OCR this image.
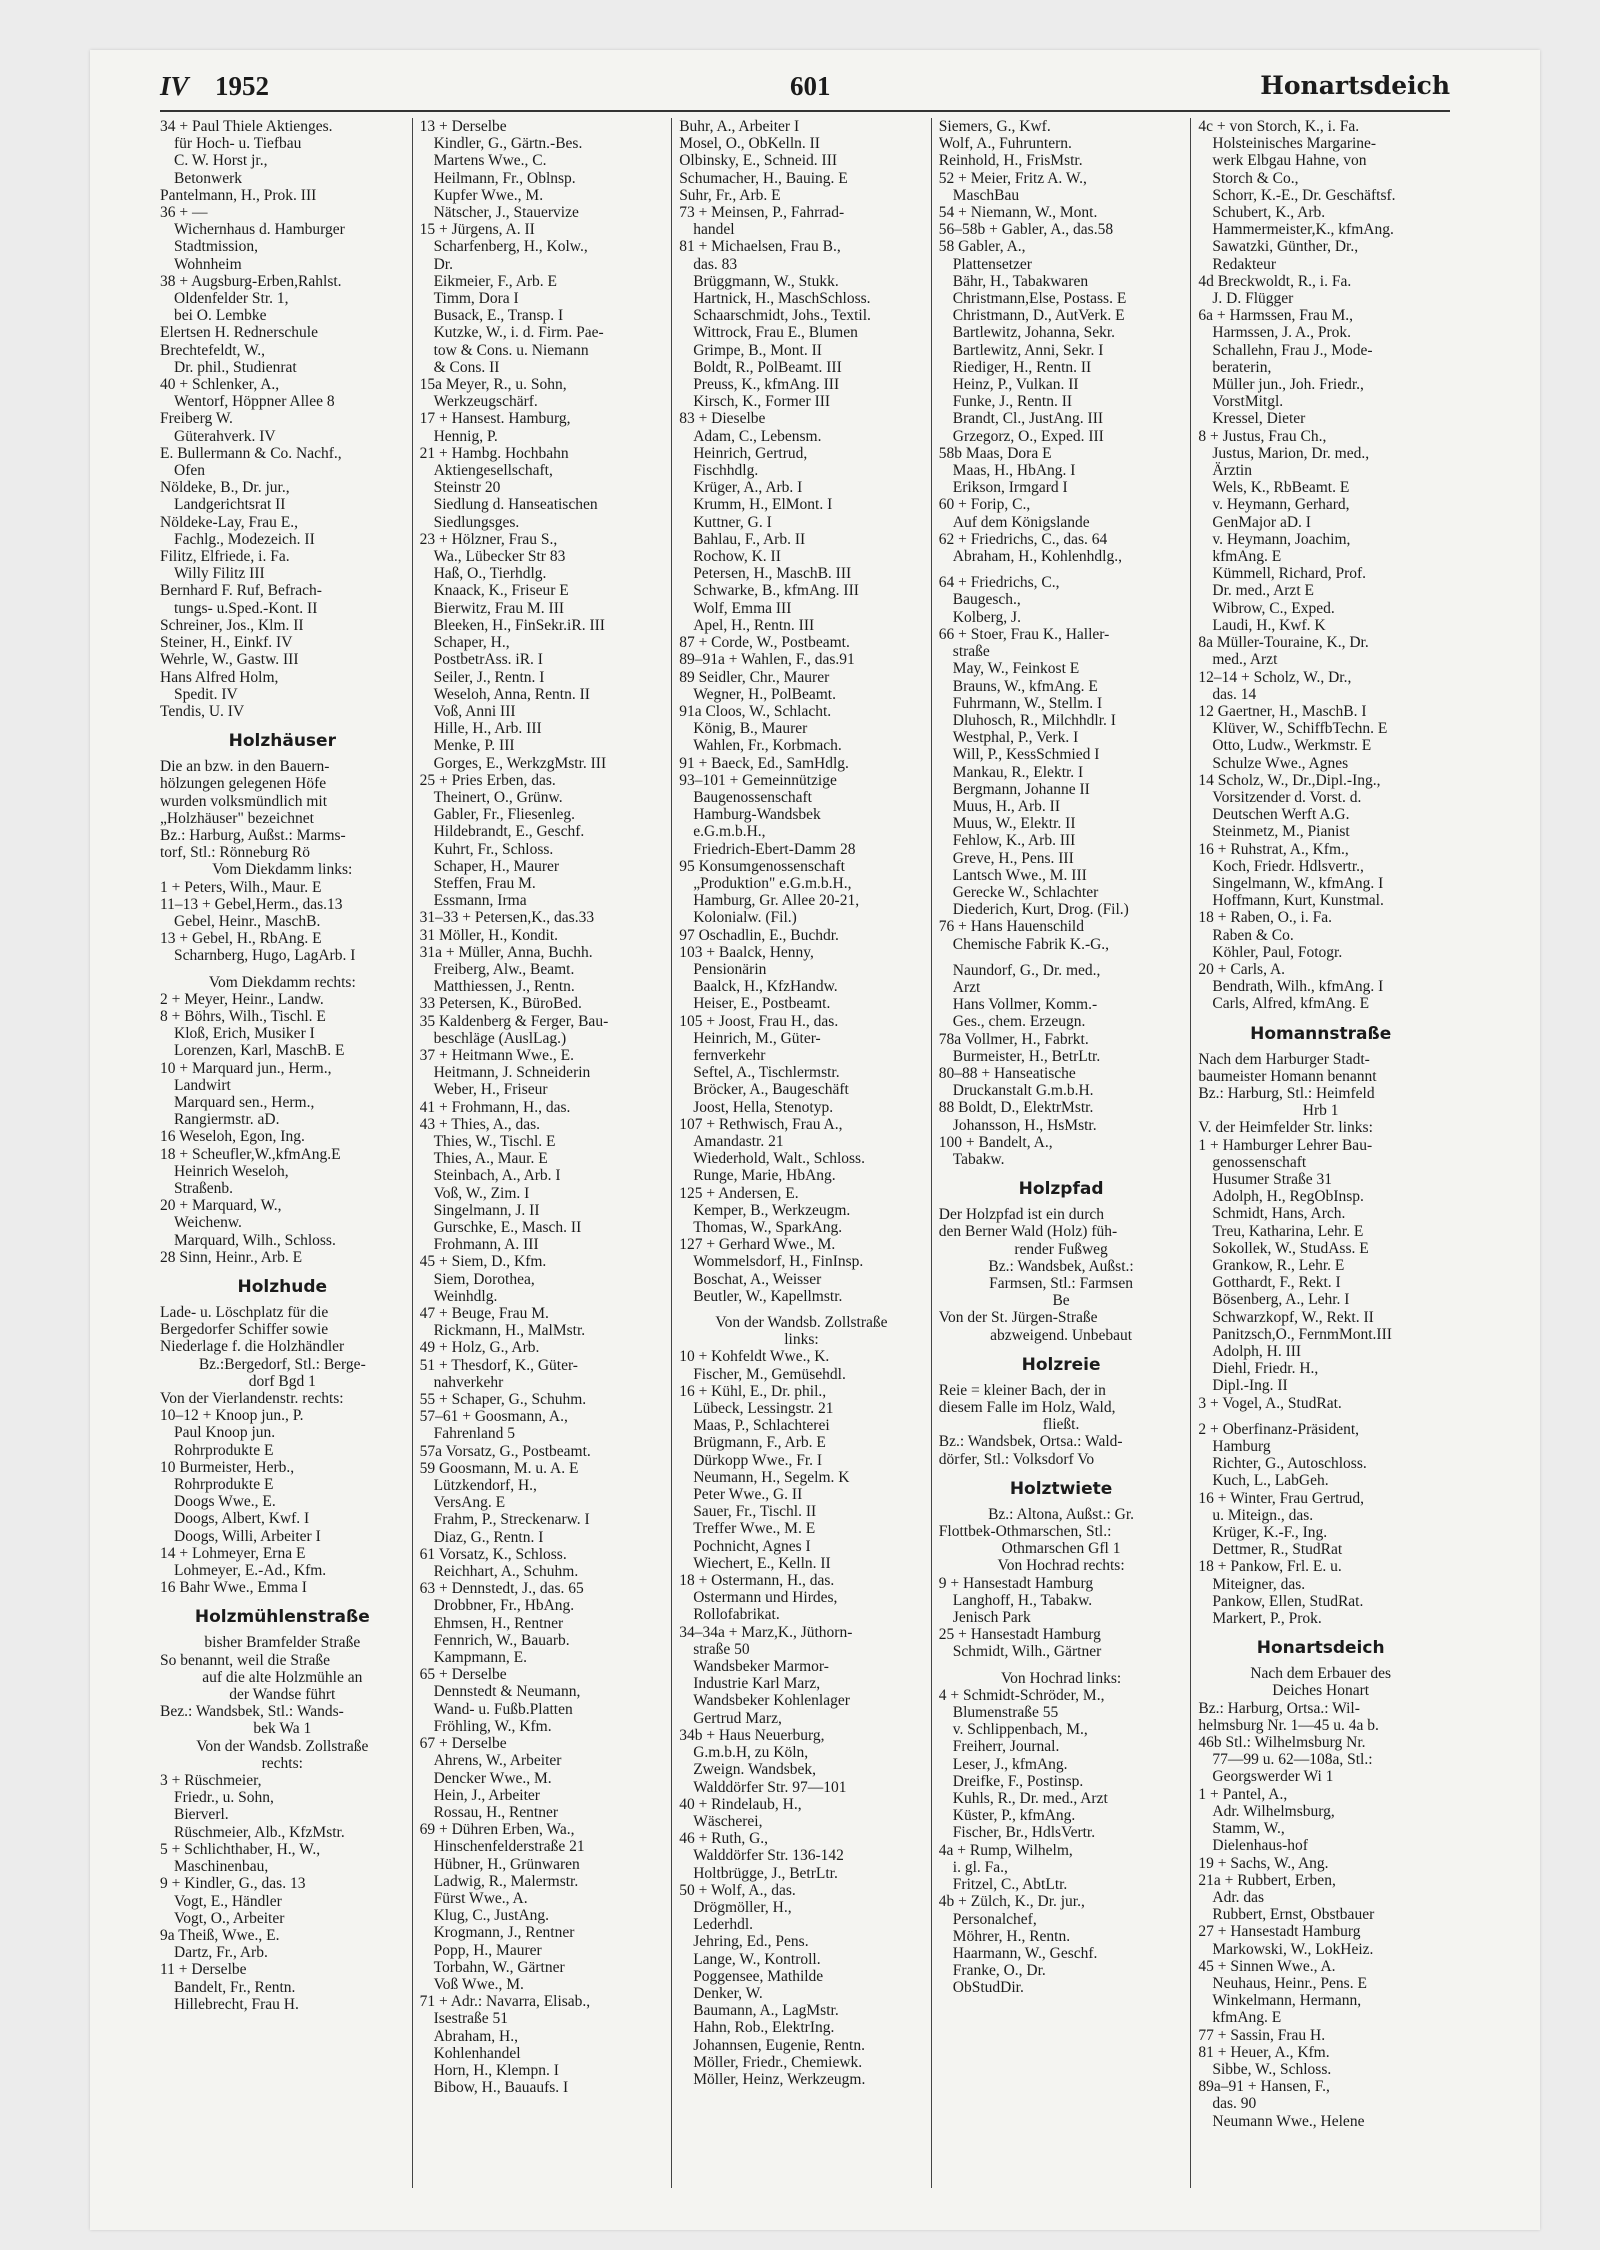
IV 1952	601	Honartsdeich
34 + Paul Thiele Aktienges.
für Hoch- u. Tiefbau
C. W. Horst jr.,
Betonwerk
Pantelmann, H., Prok. III
36 + —
Wichernhaus d. Hamburger
Stadtmission,
Wohnheim
38 + Augsburg-Erben,Rahlst.
Oldenfelder Str. 1,
bei O. Lembke
Elertsen H. Rednerschule
Brechtefeldt, W.,
Dr. phil., Studienrat
40 + Schlenker, A.,
Wentorf, Höppner Allee 8
Freiberg W.
Güterahverk. IV
E. Bullermann & Co. Nachf.,
Ofen
Nöldeke, B., Dr. jur.,
Landgerichtsrat II
Nöldeke-Lay, Frau E.,
Fachlg., Modezeich. II
Filitz, Elfriede, i. Fa.
Willy Filitz III
Bernhard F. Ruf, Befrach-
tungs- u.Sped.-Kont. II
Schreiner, Jos., Klm. II
Steiner, H., Einkf. IV
Wehrle, W., Gastw. III
Hans Alfred Holm,
Spedit. IV
Tendis, U. IV
Holzhäuser
Die an bzw. in den Bauern-
hölzungen gelegenen Höfe
wurden volksmündlich mit
„Holzhäuser" bezeichnet
Bz.: Harburg, Außst.: Marms-
torf, Stl.: Rönneburg Rö
Vom Diekdamm links:
1 + Peters, Wilh., Maur. E
11–13 + Gebel,Herm., das.13
Gebel, Heinr., MaschB.
13 + Gebel, H., RbAng. E
Scharnberg, Hugo, LagArb. I
Vom Diekdamm rechts:
2 + Meyer, Heinr., Landw.
8 + Böhrs, Wilh., Tischl. E
Kloß, Erich, Musiker I
Lorenzen, Karl, MaschB. E
10 + Marquard jun., Herm.,
Landwirt
Marquard sen., Herm.,
Rangiermstr. aD.
16 Weseloh, Egon, Ing.
18 + Scheufler,W.,kfmAng.E
Heinrich Weseloh,
Straßenb.
20 + Marquard, W.,
Weichenw.
Marquard, Wilh., Schloss.
28 Sinn, Heinr., Arb. E
Holzhude
Lade- u. Löschplatz für die
Bergedorfer Schiffer sowie
Niederlage f. die Holzhändler
Bz.:Bergedorf, Stl.: Berge-
dorf Bgd 1
Von der Vierlandenstr. rechts:
10–12 + Knoop jun., P.
Paul Knoop jun.
Rohrprodukte E
10 Burmeister, Herb.,
Rohrprodukte E
Doogs Wwe., E.
Doogs, Albert, Kwf. I
Doogs, Willi, Arbeiter I
14 + Lohmeyer, Erna E
Lohmeyer, E.-Ad., Kfm.
16 Bahr Wwe., Emma I
Holzmühlenstraße
bisher Bramfelder Straße
So benannt, weil die Straße
auf die alte Holzmühle an
der Wandse führt
Bez.: Wandsbek, Stl.: Wands-
bek Wa 1
Von der Wandsb. Zollstraße
rechts:
3 + Rüschmeier,
Friedr., u. Sohn,
Bierverl.
Rüschmeier, Alb., KfzMstr.
5 + Schlichthaber, H., W.,
Maschinenbau,
9 + Kindler, G., das. 13
Vogt, E., Händler
Vogt, O., Arbeiter
9a Theiß, Wwe., E.
Dartz, Fr., Arb.
11 + Derselbe
Bandelt, Fr., Rentn.
Hillebrecht, Frau H.
13 + Derselbe
Kindler, G., Gärtn.-Bes.
Martens Wwe., C.
Heilmann, Fr., Oblnsp.
Kupfer Wwe., M.
Nätscher, J., Stauervize
15 + Jürgens, A. II
Scharfenberg, H., Kolw.,
Dr.
Eikmeier, F., Arb. E
Timm, Dora I
Busack, E., Transp. I
Kutzke, W., i. d. Firm. Pae-
tow & Cons. u. Niemann
& Cons. II
15a Meyer, R., u. Sohn,
Werkzeugschärf.
17 + Hansest. Hamburg,
Hennig, P.
21 + Hambg. Hochbahn
Aktiengesellschaft,
Steinstr 20
Siedlung d. Hanseatischen
Siedlungsges.
23 + Hölzner, Frau S.,
Wa., Lübecker Str 83
Haß, O., Tierhdlg.
Knaack, K., Friseur E
Bierwitz, Frau M. III
Bleeken, H., FinSekr.iR. III
Schaper, H.,
PostbetrAss. iR. I
Seiler, J., Rentn. I
Weseloh, Anna, Rentn. II
Voß, Anni III
Hille, H., Arb. III
Menke, P. III
Gorges, E., WerkzgMstr. III
25 + Pries Erben, das.
Theinert, O., Grünw.
Gabler, Fr., Fliesenleg.
Hildebrandt, E., Geschf.
Kuhrt, Fr., Schloss.
Schaper, H., Maurer
Steffen, Frau M.
Essmann, Irma
31–33 + Petersen,K., das.33
31 Möller, H., Kondit.
31a + Müller, Anna, Buchh.
Freiberg, Alw., Beamt.
Matthiessen, J., Rentn.
33 Petersen, K., BüroBed.
35 Kaldenberg & Ferger, Bau-
beschläge (AuslLag.)
37 + Heitmann Wwe., E.
Heitmann, J. Schneiderin
Weber, H., Friseur
41 + Frohmann, H., das.
43 + Thies, A., das.
Thies, W., Tischl. E
Thies, A., Maur. E
Steinbach, A., Arb. I
Voß, W., Zim. I
Singelmann, J. II
Gurschke, E., Masch. II
Frohmann, A. III
45 + Siem, D., Kfm.
Siem, Dorothea,
Weinhdlg.
47 + Beuge, Frau M.
Rickmann, H., MalMstr.
49 + Holz, G., Arb.
51 + Thesdorf, K., Güter-
nahverkehr
55 + Schaper, G., Schuhm.
57–61 + Goosmann, A.,
Fahrenland 5
57a Vorsatz, G., Postbeamt.
59 Goosmann, M. u. A. E
Lützkendorf, H.,
VersAng. E
Frahm, P., Streckenarw. I
Diaz, G., Rentn. I
61 Vorsatz, K., Schloss.
Reichhart, A., Schuhm.
63 + Dennstedt, J., das. 65
Drobbner, Fr., HbAng.
Ehmsen, H., Rentner
Fennrich, W., Bauarb.
Kampmann, E.
65 + Derselbe
Dennstedt & Neumann,
Wand- u. Fußb.Platten
Fröhling, W., Kfm.
67 + Derselbe
Ahrens, W., Arbeiter
Dencker Wwe., M.
Hein, J., Arbeiter
Rossau, H., Rentner
69 + Dühren Erben, Wa.,
Hinschenfelderstraße 21
Hübner, H., Grünwaren
Ladwig, R., Malermstr.
Fürst Wwe., A.
Klug, C., JustAng.
Krogmann, J., Rentner
Popp, H., Maurer
Torbahn, W., Gärtner
Voß Wwe., M.
71 + Adr.: Navarra, Elisab.,
Isestraße 51
Abraham, H.,
Kohlenhandel
Horn, H., Klempn. I
Bibow, H., Bauaufs. I
Buhr, A., Arbeiter I
Mosel, O., ObKelln. II
Olbinsky, E., Schneid. III
Schumacher, H., Bauing. E
Suhr, Fr., Arb. E
73 + Meinsen, P., Fahrrad-
handel
81 + Michaelsen, Frau B.,
das. 83
Brüggmann, W., Stukk.
Hartnick, H., MaschSchloss.
Schaarschmidt, Johs., Textil.
Wittrock, Frau E., Blumen
Grimpe, B., Mont. II
Boldt, R., PolBeamt. III
Preuss, K., kfmAng. III
Kirsch, K., Former III
83 + Dieselbe
Adam, C., Lebensm.
Heinrich, Gertrud,
Fischhdlg.
Krüger, A., Arb. I
Krumm, H., ElMont. I
Kuttner, G. I
Bahlau, F., Arb. II
Rochow, K. II
Petersen, H., MaschB. III
Schwarke, B., kfmAng. III
Wolf, Emma III
Apel, H., Rentn. III
87 + Corde, W., Postbeamt.
89–91a + Wahlen, F., das.91
89 Seidler, Chr., Maurer
Wegner, H., PolBeamt.
91a Cloos, W., Schlacht.
König, B., Maurer
Wahlen, Fr., Korbmach.
91 + Baeck, Ed., SamHdlg.
93–101 + Gemeinnützige
Baugenossenschaft
Hamburg-Wandsbek
e.G.m.b.H.,
Friedrich-Ebert-Damm 28
95 Konsumgenossenschaft
„Produktion" e.G.m.b.H.,
Hamburg, Gr. Allee 20-21,
Kolonialw. (Fil.)
97 Oschadlin, E., Buchdr.
103 + Baalck, Henny,
Pensionärin
Baalck, H., KfzHandw.
Heiser, E., Postbeamt.
105 + Joost, Frau H., das.
Heinrich, M., Güter-
fernverkehr
Seftel, A., Tischlermstr.
Bröcker, A., Baugeschäft
Joost, Hella, Stenotyp.
107 + Rethwisch, Frau A.,
Amandastr. 21
Wiederhold, Walt., Schloss.
Runge, Marie, HbAng.
125 + Andersen, E.
Kemper, B., Werkzeugm.
Thomas, W., SparkAng.
127 + Gerhard Wwe., M.
Wommelsdorf, H., FinInsp.
Boschat, A., Weisser
Beutler, W., Kapellmstr.
Von der Wandsb. Zollstraße
links:
10 + Kohfeldt Wwe., K.
Fischer, M., Gemüsehdl.
16 + Kühl, E., Dr. phil.,
Lübeck, Lessingstr. 21
Maas, P., Schlachterei
Brügmann, F., Arb. E
Dürkopp Wwe., Fr. I
Neumann, H., Segelm. K
Peter Wwe., G. II
Sauer, Fr., Tischl. II
Treffer Wwe., M. E
Pochnicht, Agnes I
Wiechert, E., Kelln. II
18 + Ostermann, H., das.
Ostermann und Hirdes,
Rollofabrikat.
34–34a + Marz,K., Jüthorn-
straße 50
Wandsbeker Marmor-
Industrie Karl Marz,
Wandsbeker Kohlenlager
Gertrud Marz,
34b + Haus Neuerburg,
G.m.b.H, zu Köln,
Zweign. Wandsbek,
Walddörfer Str. 97—101
40 + Rindelaub, H.,
Wäscherei,
46 + Ruth, G.,
Walddörfer Str. 136-142
Holtbrügge, J., BetrLtr.
50 + Wolf, A., das.
Drögmöller, H.,
Lederhdl.
Jehring, Ed., Pens.
Lange, W., Kontroll.
Poggensee, Mathilde
Denker, W.
Baumann, A., LagMstr.
Hahn, Rob., ElektrIng.
Johannsen, Eugenie, Rentn.
Möller, Friedr., Chemiewk.
Möller, Heinz, Werkzeugm.
Siemers, G., Kwf.
Wolf, A., Fuhruntern.
Reinhold, H., FrisMstr.
52 + Meier, Fritz A. W.,
MaschBau
54 + Niemann, W., Mont.
56–58b + Gabler, A., das.58
58 Gabler, A.,
Plattensetzer
Bähr, H., Tabakwaren
Christmann,Else, Postass. E
Christmann, D., AutVerk. E
Bartlewitz, Johanna, Sekr.
Bartlewitz, Anni, Sekr. I
Riediger, H., Rentn. II
Heinz, P., Vulkan. II
Funke, J., Rentn. II
Brandt, Cl., JustAng. III
Grzegorz, O., Exped. III
58b Maas, Dora E
Maas, H., HbAng. I
Erikson, Irmgard I
60 + Forip, C.,
Auf dem Königslande
62 + Friedrichs, C., das. 64
Abraham, H., Kohlenhdlg.,
64 + Friedrichs, C.,
Baugesch.,
Kolberg, J.
66 + Stoer, Frau K., Haller-
straße
May, W., Feinkost E
Brauns, W., kfmAng. E
Fuhrmann, W., Stellm. I
Dluhosch, R., Milchhdlr. I
Westphal, P., Verk. I
Will, P., KessSchmied I
Mankau, R., Elektr. I
Bergmann, Johanne II
Muus, H., Arb. II
Muus, W., Elektr. II
Fehlow, K., Arb. III
Greve, H., Pens. III
Lantsch Wwe., M. III
Gerecke W., Schlachter
Diederich, Kurt, Drog. (Fil.)
76 + Hans Hauenschild
Chemische Fabrik K.-G.,
Naundorf, G., Dr. med.,
Arzt
Hans Vollmer, Komm.-
Ges., chem. Erzeugn.
78a Vollmer, H., Fabrkt.
Burmeister, H., BetrLtr.
80–88 + Hanseatische
Druckanstalt G.m.b.H.
88 Boldt, D., ElektrMstr.
Johansson, H., HsMstr.
100 + Bandelt, A.,
Tabakw.
Holzpfad
Der Holzpfad ist ein durch
den Berner Wald (Holz) füh-
render Fußweg
Bz.: Wandsbek, Außst.:
Farmsen, Stl.: Farmsen
Be
Von der St. Jürgen-Straße
abzweigend. Unbebaut
Holzreie
Reie = kleiner Bach, der in
diesem Falle im Holz, Wald,
fließt.
Bz.: Wandsbek, Ortsa.: Wald-
dörfer, Stl.: Volksdorf Vo
Holztwiete
Bz.: Altona, Außst.: Gr.
Flottbek-Othmarschen, Stl.:
Othmarschen Gfl 1
Von Hochrad rechts:
9 + Hansestadt Hamburg
Langhoff, H., Tabakw.
Jenisch Park
25 + Hansestadt Hamburg
Schmidt, Wilh., Gärtner
Von Hochrad links:
4 + Schmidt-Schröder, M.,
Blumenstraße 55
v. Schlippenbach, M.,
Freiherr, Journal.
Leser, J., kfmAng.
Dreifke, F., Postinsp.
Kuhls, R., Dr. med., Arzt
Küster, P., kfmAng.
Fischer, Br., HdlsVertr.
4a + Rump, Wilhelm,
i. gl. Fa.,
Fritzel, C., AbtLtr.
4b + Zülch, K., Dr. jur.,
Personalchef,
Möhrer, H., Rentn.
Haarmann, W., Geschf.
Franke, O., Dr.
ObStudDir.
4c + von Storch, K., i. Fa.
Holsteinisches Margarine-
werk Elbgau Hahne, von
Storch & Co.,
Schorr, K.-E., Dr. Geschäftsf.
Schubert, K., Arb.
Hammermeister,K., kfmAng.
Sawatzki, Günther, Dr.,
Redakteur
4d Breckwoldt, R., i. Fa.
J. D. Flügger
6a + Harmssen, Frau M.,
Harmssen, J. A., Prok.
Schallehn, Frau J., Mode-
beraterin,
Müller jun., Joh. Friedr.,
VorstMitgl.
Kressel, Dieter
8 + Justus, Frau Ch.,
Justus, Marion, Dr. med.,
Ärztin
Wels, K., RbBeamt. E
v. Heymann, Gerhard,
GenMajor aD. I
v. Heymann, Joachim,
kfmAng. E
Kümmell, Richard, Prof.
Dr. med., Arzt E
Wibrow, C., Exped.
Laudi, H., Kwf. K
8a Müller-Touraine, K., Dr.
med., Arzt
12–14 + Scholz, W., Dr.,
das. 14
12 Gaertner, H., MaschB. I
Klüver, W., SchiffbTechn. E
Otto, Ludw., Werkmstr. E
Schulze Wwe., Agnes
14 Scholz, W., Dr.,Dipl.-Ing.,
Vorsitzender d. Vorst. d.
Deutschen Werft A.G.
Steinmetz, M., Pianist
16 + Ruhstrat, A., Kfm.,
Koch, Friedr. Hdlsvertr.,
Singelmann, W., kfmAng. I
Hoffmann, Kurt, Kunstmal.
18 + Raben, O., i. Fa.
Raben & Co.
Köhler, Paul, Fotogr.
20 + Carls, A.
Bendrath, Wilh., kfmAng. I
Carls, Alfred, kfmAng. E
Homannstraße
Nach dem Harburger Stadt-
baumeister Homann benannt
Bz.: Harburg, Stl.: Heimfeld
Hrb 1
V. der Heimfelder Str. links:
1 + Hamburger Lehrer Bau-
genossenschaft
Husumer Straße 31
Adolph, H., RegObInsp.
Schmidt, Hans, Arch.
Treu, Katharina, Lehr. E
Sokollek, W., StudAss. E
Grankow, R., Lehr. E
Gotthardt, F., Rekt. I
Bösenberg, A., Lehr. I
Schwarzkopf, W., Rekt. II
Panitzsch,O., FernmMont.III
Adolph, H. III
Diehl, Friedr. H.,
Dipl.-Ing. II
3 + Vogel, A., StudRat.
2 + Oberfinanz-Präsident,
Hamburg
Richter, G., Autoschloss.
Kuch, L., LabGeh.
16 + Winter, Frau Gertrud,
u. Miteign., das.
Krüger, K.-F., Ing.
Dettmer, R., StudRat
18 + Pankow, Frl. E. u.
Miteigner, das.
Pankow, Ellen, StudRat.
Markert, P., Prok.
Honartsdeich
Nach dem Erbauer des
Deiches Honart
Bz.: Harburg, Ortsa.: Wil-
helmsburg Nr. 1—45 u. 4a b.
46b Stl.: Wilhelmsburg Nr.
77—99 u. 62—108a, Stl.:
Georgswerder Wi 1
1 + Pantel, A.,
Adr. Wilhelmsburg,
Stamm, W.,
Dielenhaus-hof
19 + Sachs, W., Ang.
21a + Rubbert, Erben,
Adr. das
Rubbert, Ernst, Obstbauer
27 + Hansestadt Hamburg
Markowski, W., LokHeiz.
45 + Sinnen Wwe., A.
Neuhaus, Heinr., Pens. E
Winkelmann, Hermann,
kfmAng. E
77 + Sassin, Frau H.
81 + Heuer, A., Kfm.
Sibbe, W., Schloss.
89a–91 + Hansen, F.,
das. 90
Neumann Wwe., Helene
